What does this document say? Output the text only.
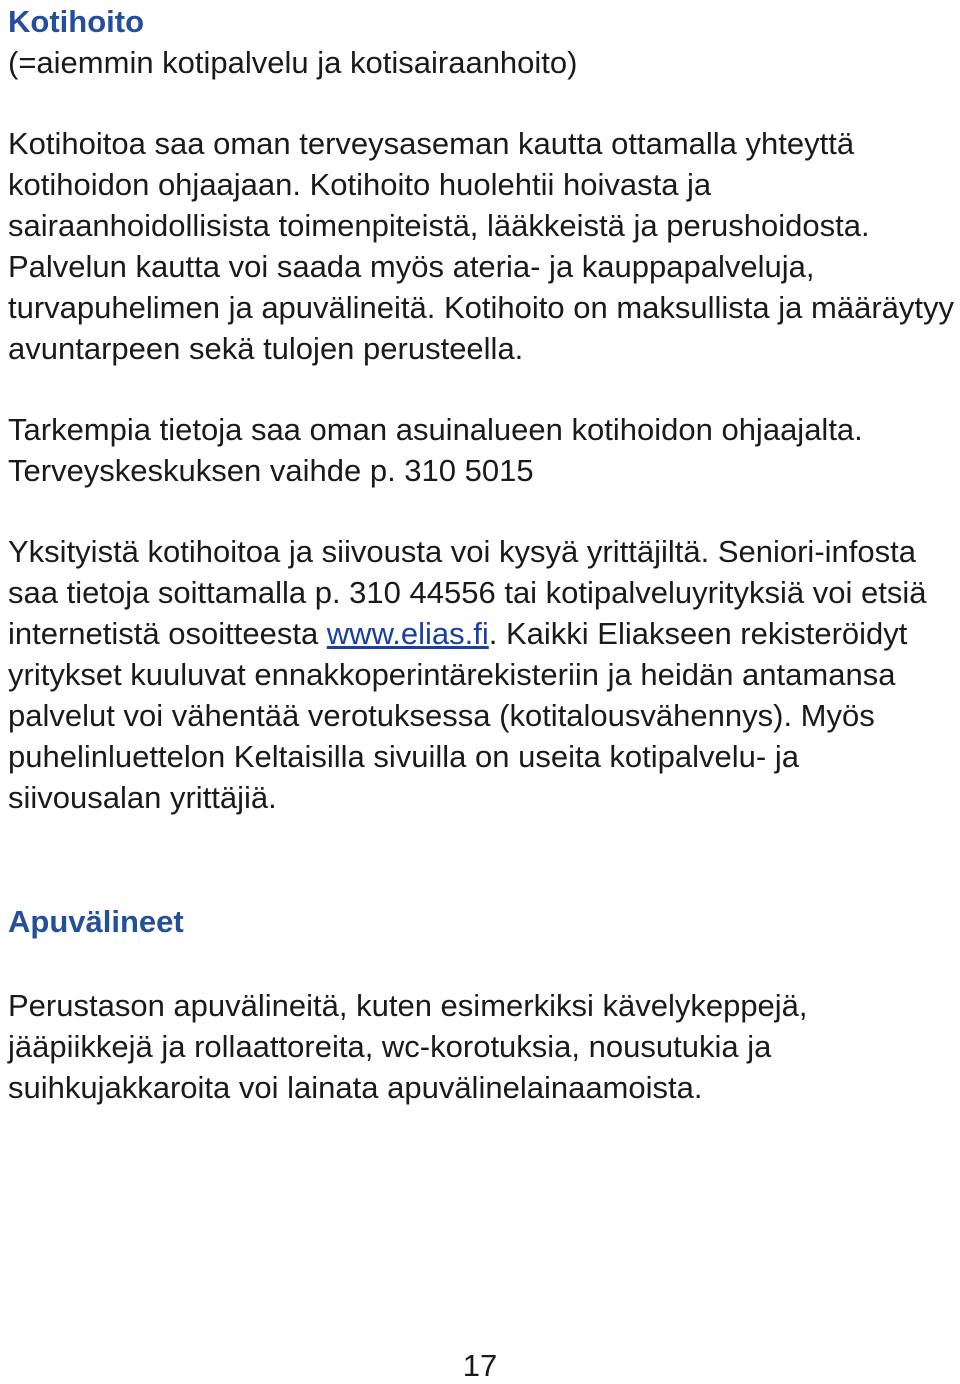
Kotihoito

(=aiemmin kotipalvelu ja kotisairaanhoito)

Kotihoitoa saa oman terveysaseman kautta ottamalla yhteyttä kotihoidon ohjaajaan. Kotihoito huolehtii hoivasta ja sairaanhoidollisista toimenpiteistä, lääkkeistä ja perushoidosta. Palvelun kautta voi saada myös ateria- ja kauppapalveluja, turvapuhelimen ja apuvälineitä. Kotihoito on maksullista ja määräytyy avuntarpeen sekä tulojen perusteella.

Tarkempia tietoja saa oman asuinalueen kotihoidon ohjaajalta. Terveyskeskuksen vaihde p. 310 5015

Yksityistä kotihoitoa ja siivousta voi kysyä yrittäjiltä. Seniori-infosta saa tietoja soittamalla p. 310 44556 tai kotipalveluyrityksiä voi etsiä internetistä osoitteesta www.elias.fi. Kaikki Eliakseen rekisteröidyt yritykset kuuluvat ennakkoperintärekisteriin ja heidän antamansa palvelut voi vähentää verotuksessa (kotitalousvähennys). Myös puhelinluettelon Keltaisilla sivuilla on useita kotipalvelu- ja siivousalan yrittäjiä.

Apuvälineet

Perustason apuvälineitä, kuten esimerkiksi kävelykeppejä, jääpiikkejä ja rollaattoreita, wc-korotuksia, nousutukia ja suihkujakkaroita voi lainata apuvälinelainaamoista.

17
